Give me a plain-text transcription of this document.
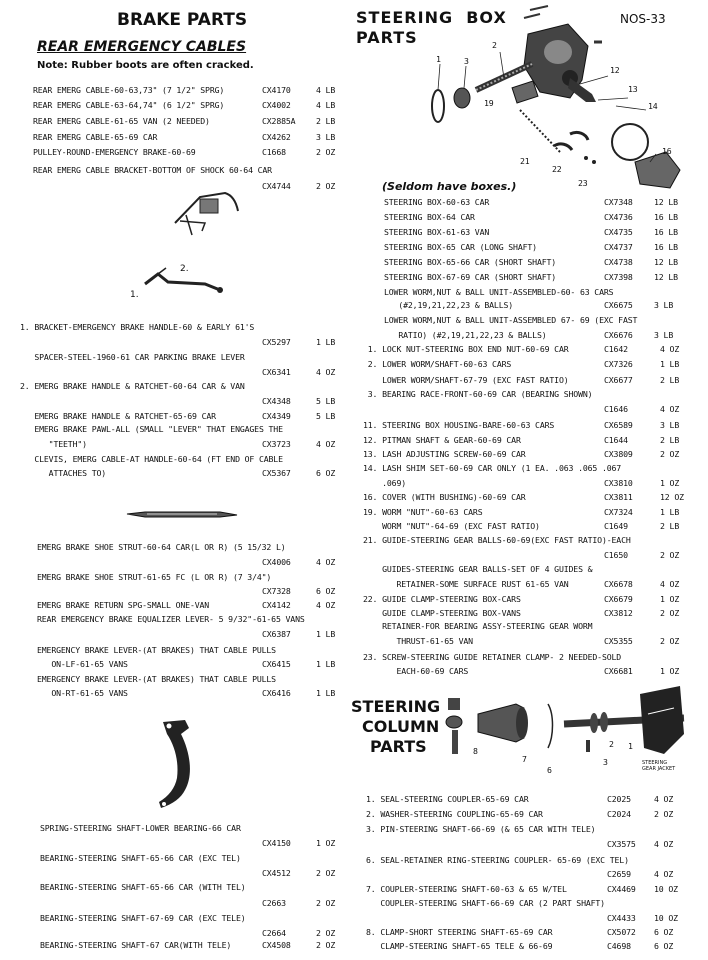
BRAKE PARTS
REAR EMERGENCY CABLES
Note: Rubber boots are often cracked.
STEERING  BOX
PARTS
NOS-33
REAR EMERG CABLE-60-63,73" (7 1/2" SPRG)	CX4170	4 LB
REAR EMERG CABLE-63-64,74" (6 1/2" SPRG)	CX4002	4 LB
REAR EMERG CABLE-61-65 VAN (2 NEEDED)	CX2885A	2 LB
REAR EMERG CABLE-65-69 CAR	CX4262	3 LB
PULLEY-ROUND-EMERGENCY BRAKE-60-69	C1668	2 OZ
REAR EMERG CABLE BRACKET-BOTTOM OF SHOCK 60-64 CAR
CX4744	2 OZ
1. BRACKET-EMERGENCY BRAKE HANDLE-60 & EARLY 61'S
CX5297	1 LB
SPACER-STEEL-1960-61 CAR PARKING BRAKE LEVER
CX6341	4 OZ
2. EMERG BRAKE HANDLE & RATCHET-60-64 CAR & VAN
CX4348	5 LB
EMERG BRAKE HANDLE & RATCHET-65-69 CAR	CX4349	5 LB
EMERG BRAKE PAWL-ALL (SMALL "LEVER" THAT ENGAGES THE
"TEETH")	CX3723	4 OZ
CLEVIS, EMERG CABLE-AT HANDLE-60-64 (FT END OF CABLE
ATTACHES TO)	CX5367	6 OZ
EMERG BRAKE SHOE STRUT-60-64 CAR(L OR R) (5 15/32 L)
CX4006	4 OZ
EMERG BRAKE SHOE STRUT-61-65 FC (L OR R) (7 3/4")
CX7328	6 OZ
EMERG BRAKE RETURN SPG-SMALL ONE-VAN	CX4142	4 OZ
REAR EMERGENCY BRAKE EQUALIZER LEVER- 5 9/32"-61-65 VANS
CX6387	1 LB
EMERGENCY BRAKE LEVER-(AT BRAKES) THAT CABLE PULLS
ON-LF-61-65 VANS	CX6415	1 LB
EMERGENCY BRAKE LEVER-(AT BRAKES) THAT CABLE PULLS
ON-RT-61-65 VANS	CX6416	1 LB
SPRING-STEERING SHAFT-LOWER BEARING-66 CAR
CX4150	1 OZ
BEARING-STEERING SHAFT-65-66 CAR (EXC TEL)
CX4512	2 OZ
BEARING-STEERING SHAFT-65-66 CAR (WITH TEL)
C2663	2 OZ
BEARING-STEERING SHAFT-67-69 CAR (EXC TELE)
C2664	2 OZ
BEARING-STEERING SHAFT-67 CAR(WITH TELE)	CX4508	2 OZ
STEERING BOX-60-63 CAR	CX7348	12 LB
STEERING BOX-64 CAR	CX4736	16 LB
STEERING BOX-61-63 VAN	CX4735	16 LB
STEERING BOX-65 CAR (LONG SHAFT)	CX4737	16 LB
STEERING BOX-65-66 CAR (SHORT SHAFT)	CX4738	12 LB
STEERING BOX-67-69 CAR (SHORT SHAFT)	CX7398	12 LB
LOWER WORM,NUT & BALL UNIT-ASSEMBLED-60- 63 CARS
(#2,19,21,22,23 & BALLS)	CX6675	3 LB
LOWER WORM,NUT & BALL UNIT-ASSEMBLED 67- 69 (EXC FAST
RATIO) (#2,19,21,22,23 & BALLS)	CX6676	3 LB
1. LOCK NUT-STEERING BOX END NUT-60-69 CAR	C1642	4 OZ
2. LOWER WORM/SHAFT-60-63 CARS	CX7326	1 LB
LOWER WORM/SHAFT-67-79 (EXC FAST RATIO)	CX6677	2 LB
3. BEARING RACE-FRONT-60-69 CAR (BEARING SHOWN)
C1646	4 OZ
11. STEERING BOX HOUSING-BARE-60-63 CARS	CX6589	3 LB
12. PITMAN SHAFT & GEAR-60-69 CAR	C1644	2 LB
13. LASH ADJUSTING SCREW-60-69 CAR	CX3809	2 OZ
14. LASH SHIM SET-60-69 CAR ONLY (1 EA. .063 .065 .067
.069)	CX3810	1 OZ
16. COVER (WITH BUSHING)-60-69 CAR	CX3811	12 OZ
19. WORM "NUT"-60-63 CARS	CX7324	1 LB
WORM "NUT"-64-69 (EXC FAST RATIO)	C1649	2 LB
21. GUIDE-STEERING GEAR BALLS-60-69(EXC FAST RATIO)-EACH
C1650	2 OZ
GUIDES-STEERING GEAR BALLS-SET OF 4 GUIDES &
RETAINER-SOME SURFACE RUST 61-65 VAN	CX6678	4 OZ
22. GUIDE CLAMP-STEERING BOX-CARS	CX6679	1 OZ
GUIDE CLAMP-STEERING BOX-VANS	CX3812	2 OZ
RETAINER-FOR BEARING ASSY-STEERING GEAR WORM
THRUST-61-65 VAN	CX5355	2 OZ
23. SCREW-STEERING GUIDE RETAINER CLAMP- 2 NEEDED-SOLD
EACH-60-69 CARS	CX6681	1 OZ
1. SEAL-STEERING COUPLER-65-69 CAR	C2025	4 OZ
2. WASHER-STEERING COUPLING-65-69 CAR	C2024	2 OZ
3. PIN-STEERING SHAFT-66-69 (& 65 CAR WITH TELE)
CX3575 4 OZ
6. SEAL-RETAINER RING-STEERING COUPLER- 65-69 (EXC TEL)
C2659	4 OZ
7. COUPLER-STEERING SHAFT-60-63 & 65 W/TEL	CX4469 10 OZ
COUPLER-STEERING SHAFT-66-69 CAR (2 PART SHAFT)
CX4433 10 OZ
8. CLAMP-SHORT STEERING SHAFT-65-69 CAR	CX5072 6 OZ
CLAMP-STEERING SHAFT-65 TELE & 66-69	C4698	6 OZ
(Seldom have boxes.)
STEERING
COLUMN
PARTS
2.
1.
1
2
3
12
13
14
16
19
21
22
23
1
2
3
6
7
8
STEERING
GEAR JACKET
